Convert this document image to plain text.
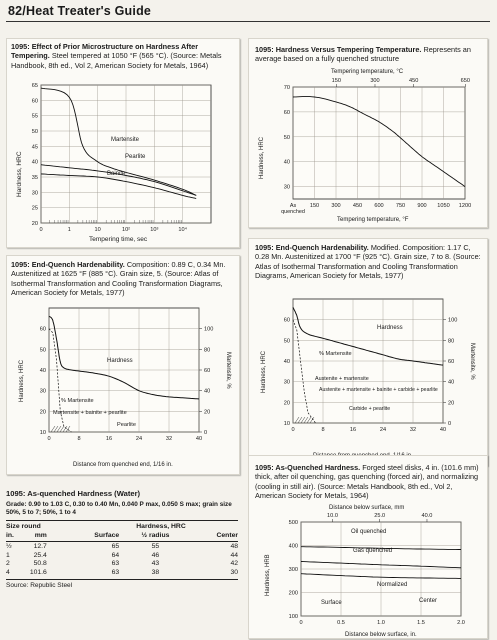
82/Heat Treater's Guide
1095: Effect of Prior Microstructure on Hardness After Tempering. Steel tempered at 1050 °F (565 °C). (Source: Metals Handbook, 8th ed., Vol 2, American Society for Metals, 1964)
20
25
30
35
40
45
50
55
60
65
0	1	10	10²	10³	10⁴
Hardness, HRC
Tempering time, sec
Martensite
Pearlite
Bainite
1095: Hardness Versus Tempering Temperature. Represents an average based on a fully quenched structure
Tempering temperature, °C
30
40
50
60
70
As
quenched
150 300 450 600 750 900 1050 1200
150	300	450	650
Hardness, HRC
Tempering temperature, °F
1095: End-Quench Hardenability. Composition: 0.89 C, 0.34 Mn. Austenitized at 1625 °F (885 °C). Grain size, 5. (Source: Atlas of Isothermal Transformation and Cooling Transformation Diagrams, American Society for Metals, 1977)
10
20
30
40
50
60
0
20
40
60
80
100
0	8	16	24	32	40
Hardness, HRC	Martensite, %
Distance from quenched end, 1/16 in.
Hardness
% Martensite
Martensite + bainite + pearlite
Pearlite
1095: End-Quench Hardenability. Modified. Composition: 1.17 C, 0.28 Mn. Austenitized at 1700 °F (925 °C). Grain size, 7 to 8. (Source: Atlas of Isothermal Transformation and Cooling Transformation Diagrams, American Society for Metals, 1977)
10
20
30
40
50
60
0
20
40
60
80
100
0	8	16	24	32	40
Hardness, HRC	Martensite, %
Hardness
% Martensite
Austenite + martensite
Austenite + martensite + bainite + carbide + pearlite
Carbide + pearlite
1095: As-quenched Hardness (Water)
Grade: 0.90 to 1.03 C, 0.30 to 0.40 Mn, 0.040 P max, 0.050 S max; grain size 50%, 5 to 7; 50%, 1 to 4
Size round	Hardness, HRC
in.	mm	Surface	½ radius	Center
½	12.7	65	55	48
1	25.4	64	46	44
2	50.8	63	43	42
4	101.6	63	38	30
Source: Republic Steel
1095: As-Quenched Hardness. Forged steel disks, 4 in. (101.6 mm) thick, after oil quenching, gas quenching (forced air), and normalizing (cooling in still air). (Source: Metals Handbook, 8th ed., Vol 2, American Society for Metals, 1964)
Distance below surface, mm
100
200
300
400
500
0	0.5	1.0	1.5	2.0
10.0	25.0	40.0
Hardness, HRB
Distance below surface, in.
Oil quenched
Gas quenched
Normalized
Surface	Center
